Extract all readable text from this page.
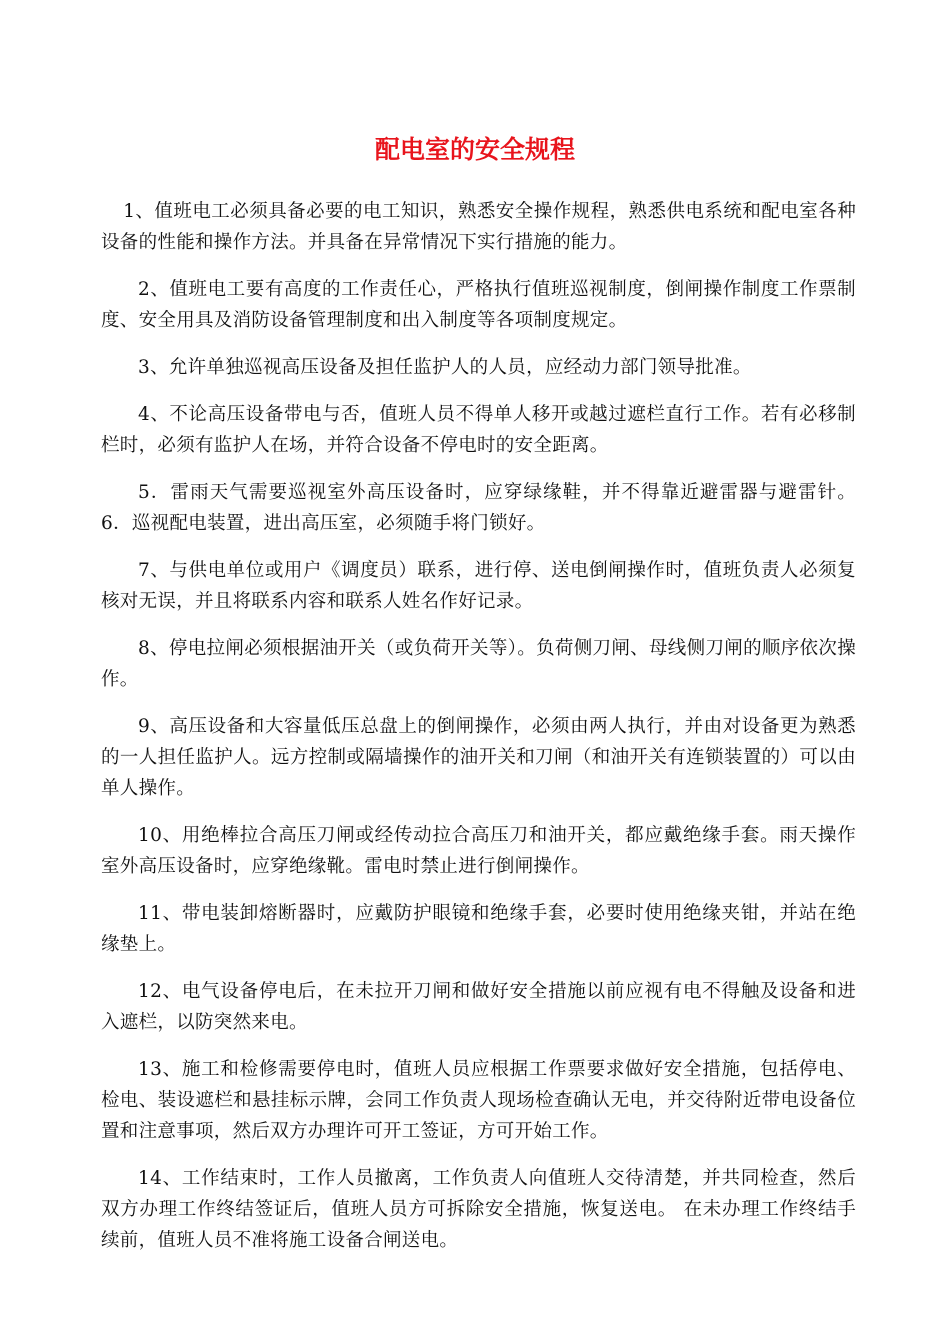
配电室的安全规程

1、值班电工必须具备必要的电工知识，熟悉安全操作规程，熟悉供电系统和配电室各种设备的性能和操作方法。并具备在异常情况下实行措施的能力。

2、值班电工要有高度的工作责任心，严格执行值班巡视制度，倒闸操作制度工作票制度、安全用具及消防设备管理制度和出入制度等各项制度规定。

3、允许单独巡视高压设备及担任监护人的人员，应经动力部门领导批准。

4、不论高压设备带电与否，值班人员不得单人移开或越过遮栏直行工作。若有必移制栏时，必须有监护人在场，并符合设备不停电时的安全距离。

5．雷雨天气需要巡视室外高压设备时，应穿绿缘鞋，并不得靠近避雷器与避雷针。 6．巡视配电装置，进出高压室，必须随手将门锁好。

7、与供电单位或用户《调度员）联系，进行停、送电倒闸操作时，值班负责人必须复核对无误，并且将联系内容和联系人姓名作好记录。

8、停电拉闸必须根据油开关（或负荷开关等）。负荷侧刀闸、母线侧刀闸的顺序依次操作。

9、高压设备和大容量低压总盘上的倒闸操作，必须由两人执行，并由对设备更为熟悉的一人担任监护人。远方控制或隔墙操作的油开关和刀闸（和油开关有连锁装置的）可以由单人操作。

10、用绝棒拉合高压刀闸或经传动拉合高压刀和油开关，都应戴绝缘手套。雨天操作室外高压设备时，应穿绝缘靴。雷电时禁止进行倒闸操作。

11、带电装卸熔断器时，应戴防护眼镜和绝缘手套，必要时使用绝缘夹钳，并站在绝缘垫上。

12、电气设备停电后，在未拉开刀闸和做好安全措施以前应视有电不得触及设备和进入遮栏，以防突然来电。

13、施工和检修需要停电时，值班人员应根据工作票要求做好安全措施，包括停电、检电、装设遮栏和悬挂标示牌，会同工作负责人现场检查确认无电，并交待附近带电设备位置和注意事项，然后双方办理许可开工签证，方可开始工作。

14、工作结束时，工作人员撤离，工作负责人向值班人交待清楚，并共同检查，然后双方办理工作终结签证后，值班人员方可拆除安全措施，恢复送电。 在未办理工作终结手续前，值班人员不准将施工设备合闸送电。
